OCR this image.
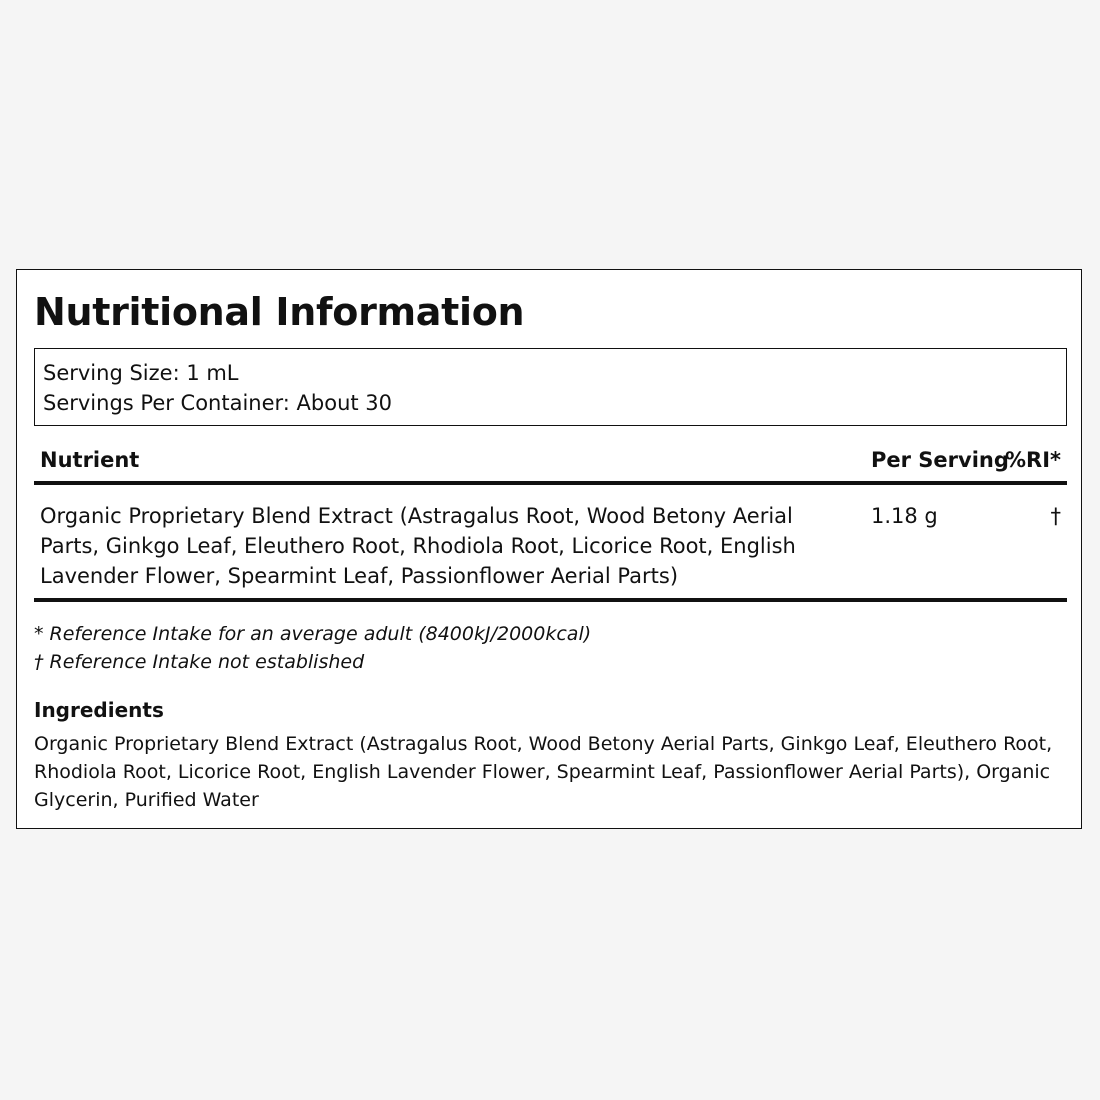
Nutritional Information
Serving Size: 1 mL
Servings Per Container: About 30
Nutrient	Per Serving
%RI*
Organic Proprietary Blend Extract (Astragalus Root, Wood Betony Aerial Parts, Ginkgo Leaf, Eleuthero Root, Rhodiola Root, Licorice Root, English Lavender Flower, Spearmint Leaf, Passionflower Aerial Parts)
1.18 g	†
* Reference Intake for an average adult (8400kJ/2000kcal)
† Reference Intake not established
Ingredients
Organic Proprietary Blend Extract (Astragalus Root, Wood Betony Aerial Parts, Ginkgo Leaf, Eleuthero Root, Rhodiola Root, Licorice Root, English Lavender Flower, Spearmint Leaf, Passionflower Aerial Parts), Organic Glycerin, Purified Water
